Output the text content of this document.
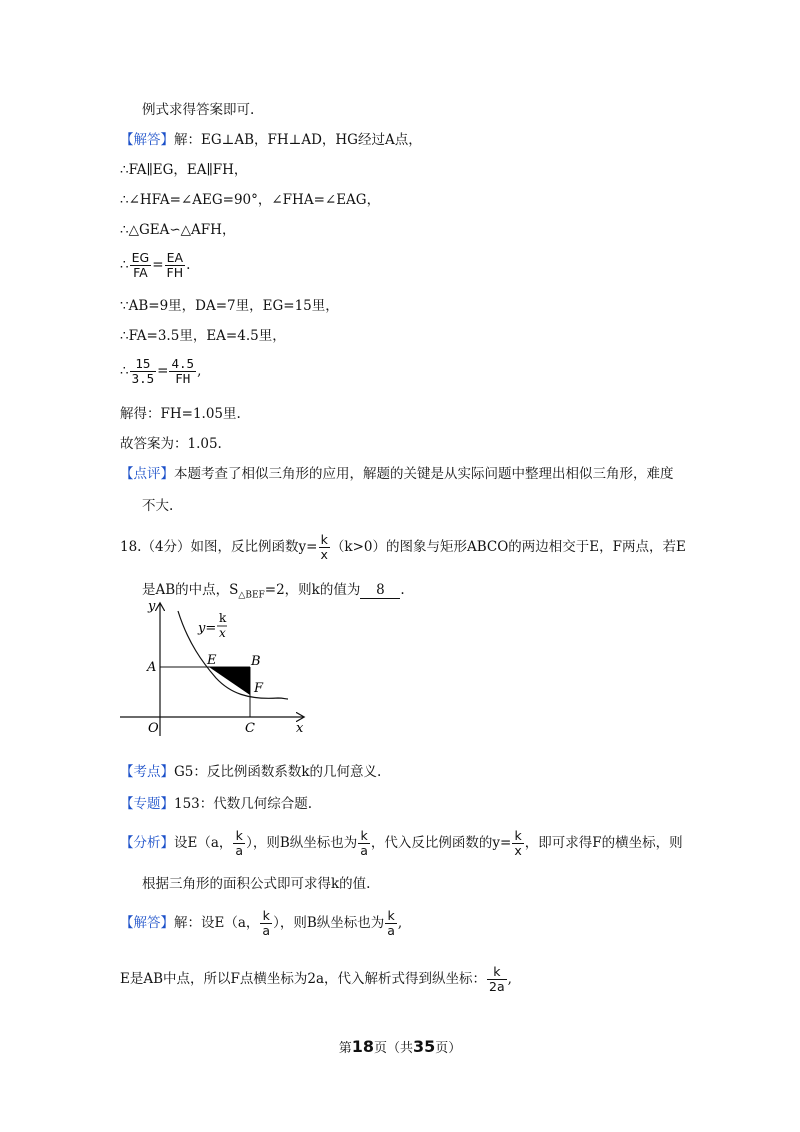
例式求得答案即可.
【解答】解：EG⊥AB，FH⊥AD，HG经过A点，
∴FA∥EG，EA∥FH，
∴∠HFA=∠AEG=90°，∠FHA=∠EAG，
∴△GEA∽△AFH，
∴ $\frac{EG}{FA} = \frac{EA}{FH}$ .
∵AB=9里，DA=7里，EG=15里，
∴FA=3.5里，EA=4.5里，
∴ $\frac{15}{3.5} = \frac{4.5}{FH}$ ,
解得：FH=1.05里.
故答案为：1.05.
【点评】本题考查了相似三角形的应用，解题的关键是从实际问题中整理出相似三角形，难度
不大.
18.（4分）如图，反比例函数$y= \frac{k}{x} (k>0)$的图象与矩形ABCO的两边相交于E，F两点，若E
是AB的中点，$S_{\triangle BEF}=2$，则k的值为 8 .
y
x
O
A	E	B
F
C
y=
k
x
【考点】G5：反比例函数系数k的几何意义.
【专题】153：代数几何综合题.
【分析】设E（a， $\frac{k}{a}$ ），则B纵坐标也为 $\frac{k}{a}$ ，代入反比例函数的$y= \frac{k}{x}$ ，即可求得F的横坐标，则
根据三角形的面积公式即可求得k的值.
【解答】解：设E（a， $\frac{k}{a}$ ），则B纵坐标也为 $\frac{k}{a}$ ,
E是AB中点，所以F点横坐标为2a，代入解析式得到纵坐标： $\frac{k}{2a}$ ,
第18页（共35页）
